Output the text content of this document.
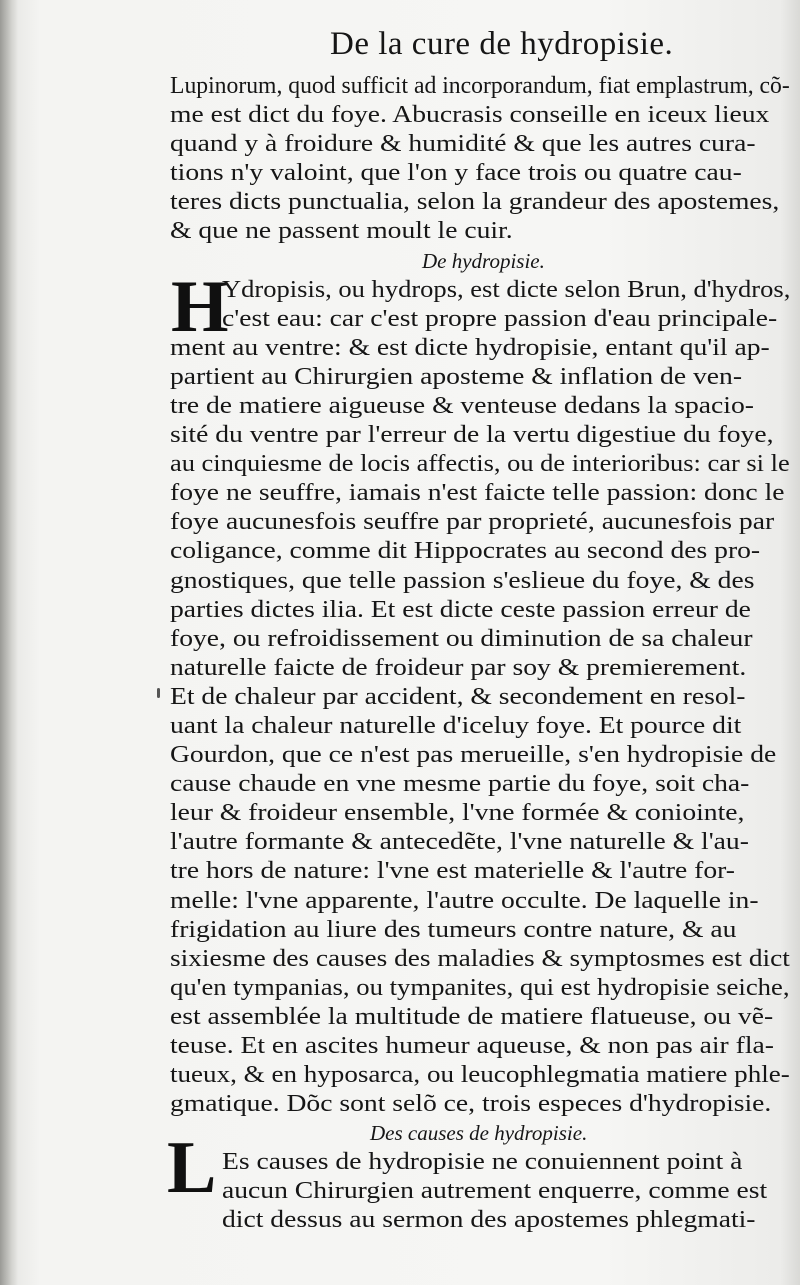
De la cure de hydropisie.
H
L
Lupinorum, quod sufficit ad incorporandum, fiat emplastrum, cõ-
me est dict du foye. Abucrasis conseille en iceux lieux
quand y à froidure & humidité & que les autres cura-
tions n'y valoint, que l'on y face trois ou quatre cau-
teres dicts punctualia, selon la grandeur des apostemes,
& que ne passent moult le cuir.
De hydropisie.
Ydropisis, ou hydrops, est dicte selon Brun, d'hydros,
c'est eau: car c'est propre passion d'eau principale-
ment au ventre: & est dicte hydropisie, entant qu'il ap-
partient au Chirurgien aposteme & inflation de ven-
tre de matiere aigueuse & venteuse dedans la spacio-
sité du ventre par l'erreur de la vertu digestiue du foye,
au cinquiesme de locis affectis, ou de interioribus: car si le
foye ne seuffre, iamais n'est faicte telle passion: donc le
foye aucunesfois seuffre par proprieté, aucunesfois par
coligance, comme dit Hippocrates au second des pro-
gnostiques, que telle passion s'eslieue du foye, & des
parties dictes ilia. Et est dicte ceste passion erreur de
foye, ou refroidissement ou diminution de sa chaleur
naturelle faicte de froideur par soy & premierement.
Et de chaleur par accident, & secondement en resol-
uant la chaleur naturelle d'iceluy foye. Et pource dit
Gourdon, que ce n'est pas merueille, s'en hydropisie de
cause chaude en vne mesme partie du foye, soit cha-
leur & froideur ensemble, l'vne formée & coniointe,
l'autre formante & antecedẽte, l'vne naturelle & l'au-
tre hors de nature: l'vne est materielle & l'autre for-
melle: l'vne apparente, l'autre occulte. De laquelle in-
frigidation au liure des tumeurs contre nature, & au
sixiesme des causes des maladies & symptosmes est dict
qu'en tympanias, ou tympanites, qui est hydropisie seiche,
est assemblée la multitude de matiere flatueuse, ou vẽ-
teuse. Et en ascites humeur aqueuse, & non pas air fla-
tueux, & en hyposarca, ou leucophlegmatia matiere phle-
gmatique. Dõc sont selõ ce, trois especes d'hydropisie.
Des causes de hydropisie.
Es causes de hydropisie ne conuiennent point à
aucun Chirurgien autrement enquerre, comme est
dict dessus au sermon des apostemes phlegmati-
